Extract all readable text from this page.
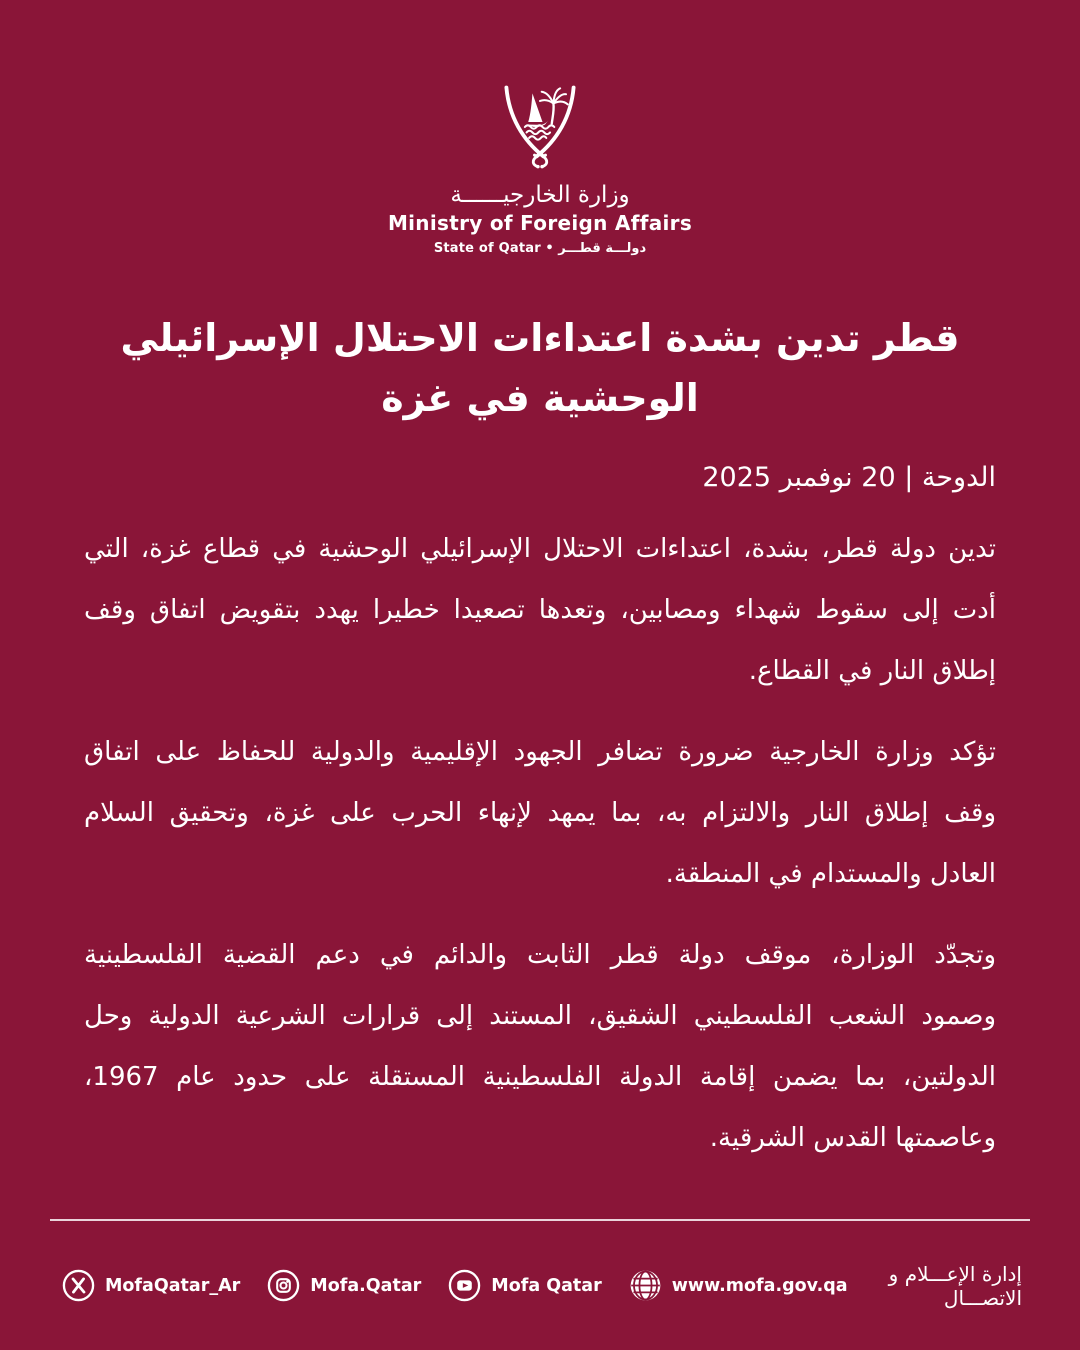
وزارة الخارجيــــــة
Ministry of Foreign Affairs
دولـــة قطـــر • State of Qatar
قطر تدين بشدة اعتداءات الاحتلال الإسرائيلي
الوحشية في غزة
الدوحة | 20 نوفمبر 2025
تدين دولة قطر، بشدة، اعتداءات الاحتلال الإسرائيلي الوحشية في قطاع غزة، التي
أدت إلى سقوط شهداء ومصابين، وتعدها تصعيدا خطيرا يهدد بتقويض اتفاق وقف
إطلاق النار في القطاع.
تؤكد وزارة الخارجية ضرورة تضافر الجهود الإقليمية والدولية للحفاظ على اتفاق
وقف إطلاق النار والالتزام به، بما يمهد لإنهاء الحرب على غزة، وتحقيق السلام
العادل والمستدام في المنطقة.
وتجدّد الوزارة، موقف دولة قطر الثابت والدائم في دعم القضية الفلسطينية
وصمود الشعب الفلسطيني الشقيق، المستند إلى قرارات الشرعية الدولية وحل
الدولتين، بما يضمن إقامة الدولة الفلسطينية المستقلة على حدود عام 1967،
وعاصمتها القدس الشرقية.
MofaQatar_Ar	Mofa.Qatar	Mofa Qatar	www.mofa.gov.qa	إدارة الإعـــلام و الاتصـــال
